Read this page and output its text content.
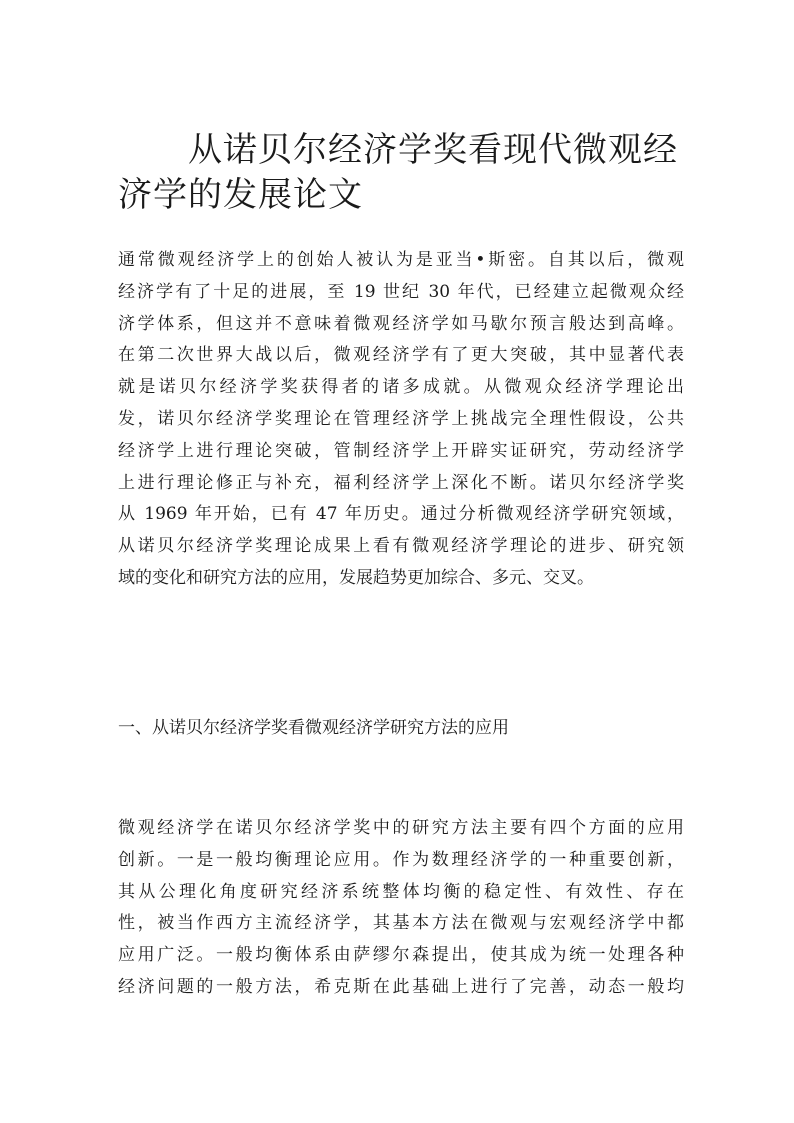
　　从诺贝尔经济学奖看现代微观经济学的发展论文
通常微观经济学上的创始人被认为是亚当•斯密。自其以后，微观
经济学有了十足的进展，至 19 世纪 30 年代，已经建立起微观众经
济学体系，但这并不意味着微观经济学如马歇尔预言般达到高峰。
在第二次世界大战以后，微观经济学有了更大突破，其中显著代表
就是诺贝尔经济学奖获得者的诸多成就。从微观众经济学理论出
发，诺贝尔经济学奖理论在管理经济学上挑战完全理性假设，公共
经济学上进行理论突破，管制经济学上开辟实证研究，劳动经济学
上进行理论修正与补充，福利经济学上深化不断。诺贝尔经济学奖
从 1969 年开始，已有 47 年历史。通过分析微观经济学研究领域，
从诺贝尔经济学奖理论成果上看有微观经济学理论的进步、研究领
域的变化和研究方法的应用，发展趋势更加综合、多元、交叉。
一、从诺贝尔经济学奖看微观经济学研究方法的应用
微观经济学在诺贝尔经济学奖中的研究方法主要有四个方面的应用
创新。一是一般均衡理论应用。作为数理经济学的一种重要创新，
其从公理化角度研究经济系统整体均衡的稳定性、有效性、存在
性，被当作西方主流经济学，其基本方法在微观与宏观经济学中都
应用广泛。一般均衡体系由萨缪尔森提出，使其成为统一处理各种
经济问题的一般方法，希克斯在此基础上进行了完善，动态一般均
